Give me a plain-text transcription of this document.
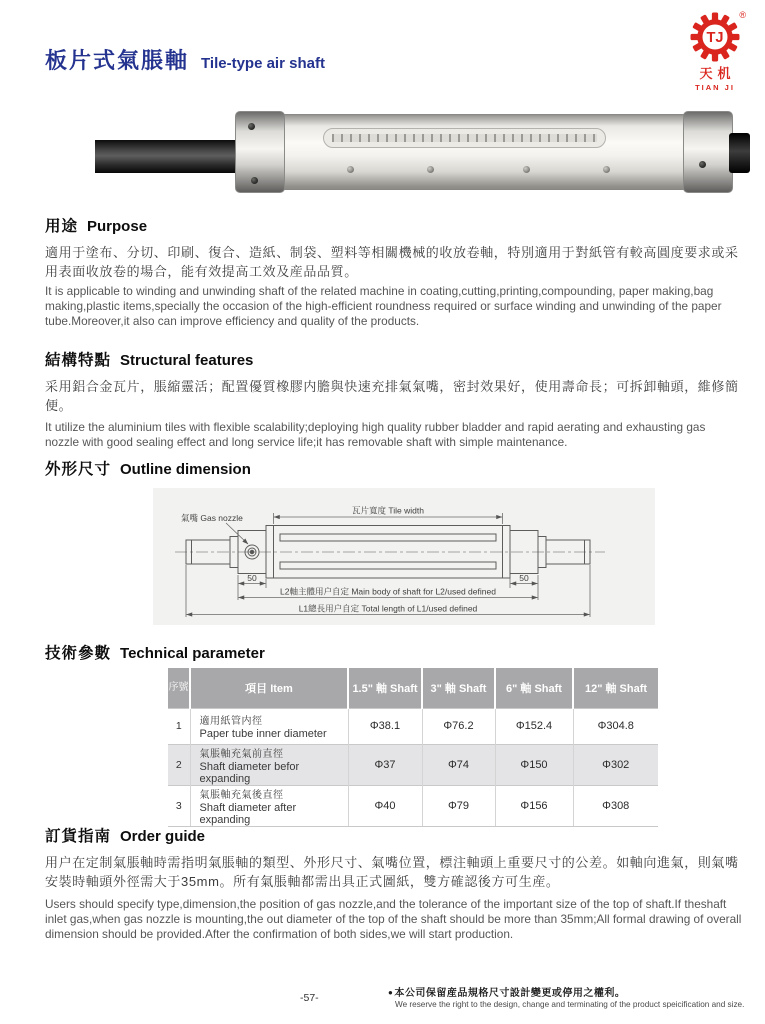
板片式氣脹軸 Tile-type air shaft
®
TJ
天机
TIAN JI
用途 Purpose
適用于塗布、分切、印刷、復合、造紙、制袋、塑料等相關機械的收放卷軸，特別適用于對紙管有較高圓度要求或采用表面收放卷的場合，能有效提高工效及産品品質。
It is applicable to winding and unwinding shaft of the related machine in coating,cutting,printing,compounding, paper making,bag making,plastic items,specially the occasion of the high-efficient roundness required or surface winding and unwinding of the paper tube.Moreover,it also can improve efficiency and quality of the products.
結構特點 Structural features
采用鋁合金瓦片，脹縮靈活；配置優質橡膠内膽與快速充排氣氣嘴，密封效果好，使用壽命長；可拆卸軸頭，維修簡便。
It utilize the aluminium tiles with flexible scalability;deploying high quality rubber bladder and rapid aerating and exhausting gas nozzle with good sealing effect and long service life;it has removable shaft with simple maintenance.
外形尺寸 Outline dimension
瓦片寬度 Tile width
氣嘴 Gas nozzle
50	50
L2軸主體用户自定 Main body of shaft for L2/used defined
L1總長用户自定 Total length of L1/used defined
技術參數 Technical parameter
序號	項目 Item	1.5" 軸 Shaft	3" 軸 Shaft	6" 軸 Shaft	12" 軸 Shaft
1	適用紙管内徑
Paper tube inner diameter	Φ38.1	Φ76.2	Φ152.4	Φ304.8
2	氣脹軸充氣前直徑
Shaft diameter befor expanding	Φ37	Φ74	Φ150	Φ302
3	氣脹軸充氣後直徑
Shaft diameter after expanding	Φ40	Φ79	Φ156	Φ308
訂貨指南 Order guide
用户在定制氣脹軸時需指明氣脹軸的類型、外形尺寸、氣嘴位置，標注軸頭上重要尺寸的公差。如軸向進氣，則氣嘴安裝時軸頭外徑需大于35mm。所有氣脹軸都需出具正式圖紙，雙方確認後方可生産。
Users should specify type,dimension,the position of gas nozzle,and the tolerance of the important size of the top of shaft.If theshaft inlet gas,when gas nozzle is mounting,the out diameter of the top of the shaft should be more than 35mm;All formal drawing of overall dimension should be provided.After the confirmation of both sides,we will start production.
-57-	●本公司保留産品規格尺寸設計變更或停用之權利。
We reserve the right to the design, change and terminating of the product speicification and size.
